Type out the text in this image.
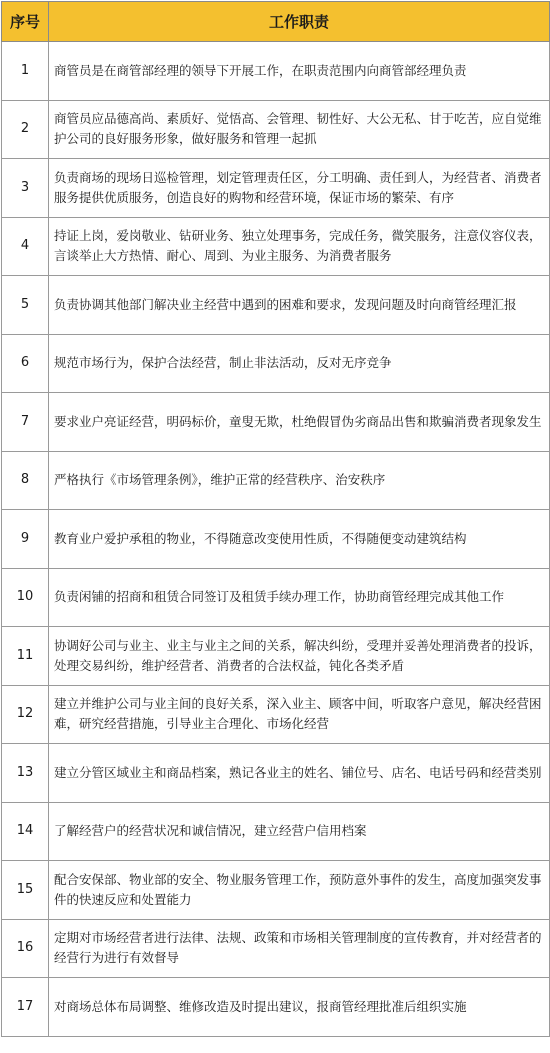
序号	工作职责
1	商管员是在商管部经理的领导下开展工作，在职责范围内向商管部经理负责
2	商管员应品德高尚、素质好、觉悟高、会管理、韧性好、大公无私、甘于吃苦，应自觉维护公司的良好服务形象，做好服务和管理一起抓
3	负责商场的现场日巡检管理，划定管理责任区，分工明确、责任到人，为经营者、消费者服务提供优质服务，创造良好的购物和经营环境，保证市场的繁荣、有序
4	持证上岗，爱岗敬业、钻研业务、独立处理事务，完成任务，微笑服务，注意仪容仪表，言谈举止大方热情、耐心、周到、为业主服务、为消费者服务
5	负责协调其他部门解决业主经营中遇到的困难和要求，发现问题及时向商管经理汇报
6	规范市场行为，保护合法经营，制止非法活动，反对无序竞争
7	要求业户亮证经营，明码标价，童叟无欺，杜绝假冒伪劣商品出售和欺骗消费者现象发生
8	严格执行《市场管理条例》，维护正常的经营秩序、治安秩序
9	教育业户爱护承租的物业，不得随意改变使用性质，不得随便变动建筑结构
10	负责闲铺的招商和租赁合同签订及租赁手续办理工作，协助商管经理完成其他工作
11	协调好公司与业主、业主与业主之间的关系，解决纠纷，受理并妥善处理消费者的投诉，处理交易纠纷，维护经营者、消费者的合法权益，钝化各类矛盾
12	建立并维护公司与业主间的良好关系，深入业主、顾客中间，听取客户意见，解决经营困难，研究经营措施，引导业主合理化、市场化经营
13	建立分管区域业主和商品档案，熟记各业主的姓名、铺位号、店名、电话号码和经营类别
14	了解经营户的经营状况和诚信情况，建立经营户信用档案
15	配合安保部、物业部的安全、物业服务管理工作，预防意外事件的发生，高度加强突发事件的快速反应和处置能力
16	定期对市场经营者进行法律、法规、政策和市场相关管理制度的宣传教育，并对经营者的经营行为进行有效督导
17	对商场总体布局调整、维修改造及时提出建议，报商管经理批准后组织实施
